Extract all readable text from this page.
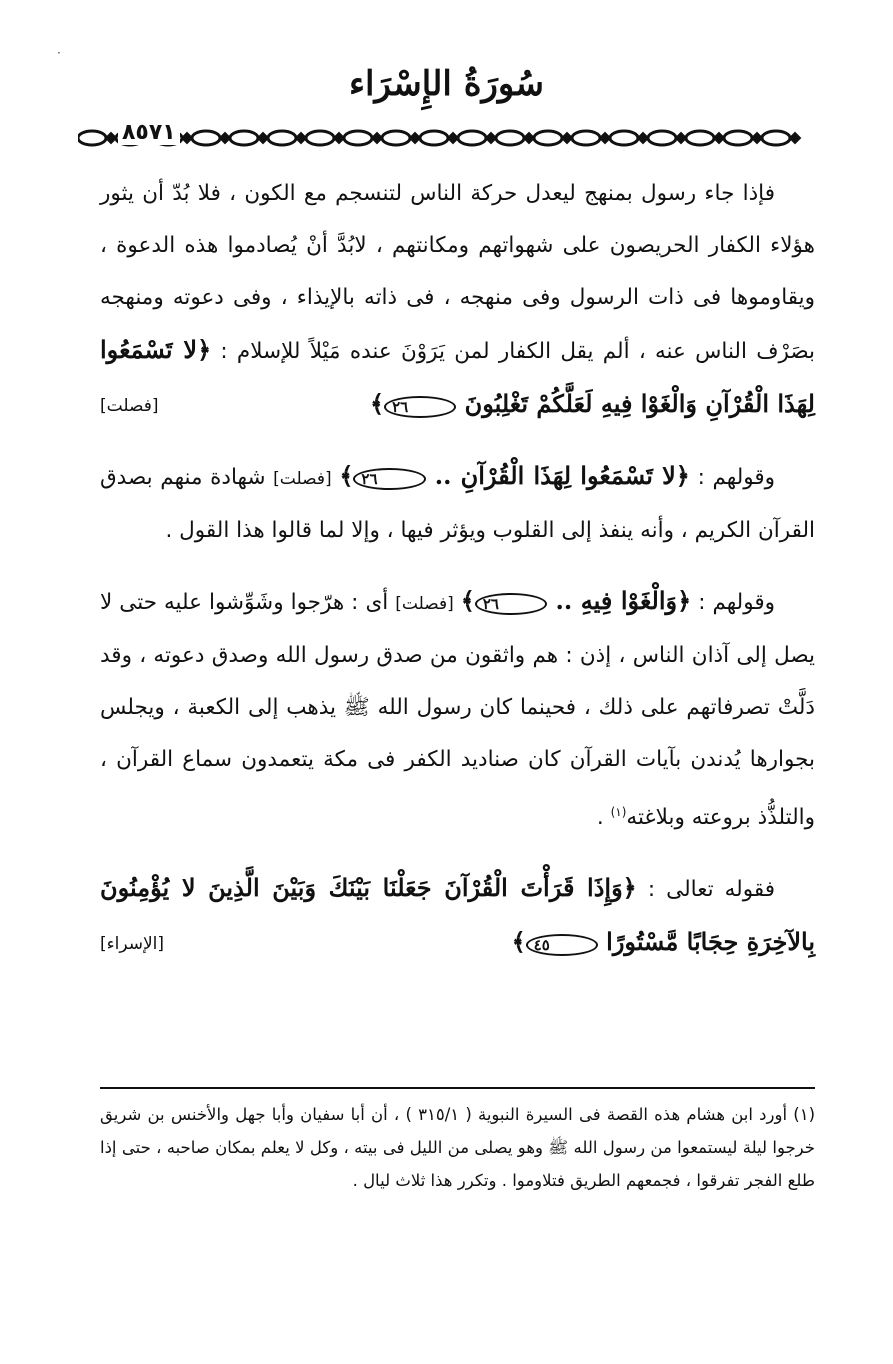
·
سُورَةُ الإِسْرَاء
٨٥٧١

فإذا جاء رسول بمنهج ليعدل حركة الناس لتنسجم مع الكون ، فلا بُدّ أن يثور هؤلاء الكفار الحريصون على شهواتهم ومكانتهم ، لابُدَّ أنْ يُصادموا هذه الدعوة ، ويقاوموها فى ذات الرسول وفى منهجه ، فى ذاته بالإيذاء ، وفى دعوته ومنهجه بصَرْف الناس عنه ، ألم يقل الكفار لمن يَرَوْنَ عنده مَيْلاً للإسلام : ﴿لا تَسْمَعُوا لِهَذَا الْقُرْآنِ وَالْغَوْا فِيهِ لَعَلَّكُمْ تَغْلِبُونَ ٢٦﴾
[فصلت]

وقولهم : ﴿لا تَسْمَعُوا لِهَذَا الْقُرْآنِ .. ٢٦﴾ [فصلت] شهادة منهم بصدق القرآن الكريم ، وأنه ينفذ إلى القلوب ويؤثر فيها ، وإلا لما قالوا هذا القول .

وقولهم : ﴿وَالْغَوْا فِيهِ .. ٢٦﴾ [فصلت] أى : هرّجوا وشَوِّشوا عليه حتى لا يصل إلى آذان الناس ، إذن : هم واثقون من صدق رسول الله وصدق دعوته ، وقد دَلَّتْ تصرفاتهم على ذلك ، فحينما كان رسول الله ﷺ يذهب إلى الكعبة ، ويجلس بجوارها يُدندن بآيات القرآن كان صناديد الكفر فى مكة يتعمدون سماع القرآن ، والتلذُّذ بروعته وبلاغته$^{(١)}$ .

فقوله تعالى : ﴿وَإِذَا قَرَأْتَ الْقُرْآنَ جَعَلْنَا بَيْنَكَ وَبَيْنَ الَّذِينَ لا يُؤْمِنُونَ بِالآخِرَةِ حِجَابًا مَّسْتُورًا ٤٥﴾
[الإسراء]

(١) أورد ابن هشام هذه القصة فى السيرة النبوية ( ٣١٥/١ ) ، أن أبا سفيان وأبا جهل والأخنس بن شريق خرجوا ليلة ليستمعوا من رسول الله ﷺ وهو يصلى من الليل فى بيته ، وكل لا يعلم بمكان صاحبه ، حتى إذا طلع الفجر تفرقوا ، فجمعهم الطريق فتلاوموا . وتكرر هذا ثلاث ليال .
